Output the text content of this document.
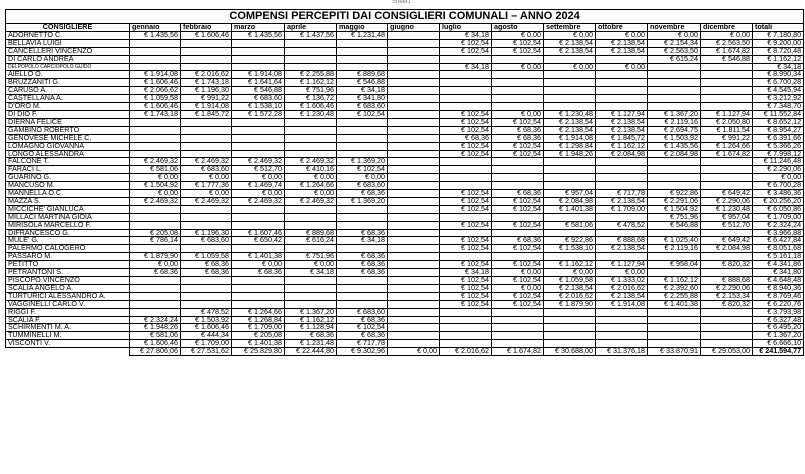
Sheet1
COMPENSI PERCEPITI DAI CONSIGLIERI COMUNALI – ANNO 2024													
CONSIGLIERE	gennaio	febbraio	marzo	aprile	maggio	giugno	luglio	agosto	settembre	ottobre	novembre	dicembre	totali
ADORNETTO C.	€ 1.435,56	€ 1.606,46	€ 1.435,56	€ 1.437,56	€ 1.231,48		€ 34,18	€ 0,00	€ 0,00	€ 0,00	€ 0,00	€ 0,00	€ 7.180,80
BELLAVIA LUIGI							€ 102,54	€ 102,54	€ 2.138,54	€ 2.138,54	€ 2.154,34	€ 2.563,50	€ 9.200,00
CANCELLERI VINCENZO							€ 102,54	€ 102,54	€ 2.138,54	€ 2.138,54	€ 2.563,50	€ 1.674,82	€ 8.720,48
DI CARLO ANDREA											€ 615,24	€ 546,88	€ 1.162,12
DELPOPOLO CARCIOPOLO GUIDO							€ 34,18	€ 0,00	€ 0,00	€ 0,00			€ 34,18
AIELLO O.	€ 1.914,08	€ 2.016,62	€ 1.914,08	€ 2.255,88	€ 889,68								€ 8.990,34
BRUZZANITI G.	€ 1.606,46	€ 1.743,18	€ 1.641,64	€ 1.162,12	€ 546,88								€ 6.700,28
CARUSO A.	€ 2.066,62	€ 1.196,30	€ 546,88	€ 751,96	€ 34,18								€ 4.545,94
CASTELLANA A.	€ 1.059,58	€ 991,22	€ 683,60	€ 136,72	€ 341,80								€ 3.212,92
D'ORO M.	€ 1.606,46	€ 1.914,08	€ 1.538,10	€ 1.606,46	€ 683,60								€ 7.348,70
DI DIO F.	€ 1.743,18	€ 1.845,72	€ 1.572,28	€ 1.230,48	€ 102,54		€ 102,54	€ 0,00	€ 1.230,48	€ 1.127,94	€ 1.367,20	€ 1.127,94	€ 11.552,84
DIERNA FELICE							€ 102,54	€ 102,54	€ 2.138,54	€ 2.138,54	€ 2.119,16	€ 2.050,80	€ 8.652,12
GAMBINO ROBERTO							€ 102,54	€ 68,36	€ 2.138,54	€ 2.138,54	€ 2.694,75	€ 1.811,54	€ 8.954,27
GENOVESE MICHELE C.							€ 68,36	€ 68,36	€ 1.914,08	€ 1.845,72	€ 1.503,92	€ 991,22	€ 6.391,66
LOMAGNO GIOVANNA							€ 102,54	€ 102,54	€ 1.298,84	€ 1.162,12	€ 1.435,56	€ 1.264,66	€ 5.366,26
LONGO ALESSANDRA							€ 102,54	€ 102,54	€ 1.948,26	€ 2.084,98	€ 2.084,98	€ 1.674,82	€ 7.998,12
FALCONE T.	€ 2.469,32	€ 2.469,32	€ 2.469,32	€ 2.469,32	€ 1.369,20								€ 11.246,48
FARACI L.	€ 581,06	€ 683,60	€ 512,70	€ 410,16	€ 102,54								€ 2.290,06
GUARINO G.	€ 0,00	€ 0,00	€ 0,00	€ 0,00	€ 0,00								€ 0,00
MANCUSO M.	€ 1.504,92	€ 1.777,36	€ 1.469,74	€ 1.264,66	€ 683,60								€ 6.700,28
MANNELLA O.C.	€ 0,00	€ 0,00	€ 0,00	€ 0,00	€ 68,36		€ 102,54	€ 68,36	€ 957,04	€ 717,78	€ 922,86	€ 649,42	€ 3.486,36
MAZZA S.	€ 2.469,32	€ 2.469,32	€ 2.469,32	€ 2.469,32	€ 1.369,20		€ 102,54	€ 102,54	€ 2.084,98	€ 2.138,54	€ 2.291,06	€ 2.290,06	€ 20.256,20
MICCICHE' GIANLUCA							€ 102,54	€ 102,54	€ 1.401,38	€ 1.709,00	€ 1.504,92	€ 1.230,48	€ 6.050,86
MILLACI MARTINA GIOIA											€ 751,96	€ 957,04	€ 1.709,00
MIRISOLA MARCELLO F.							€ 102,54	€ 102,54	€ 581,06	€ 478,52	€ 546,88	€ 512,70	€ 2.324,24
DIFRANCESCO G.	€ 205,08	€ 1.196,30	€ 1.607,46	€ 889,68	€ 68,36								€ 3.966,88
MULE' G.	€ 786,14	€ 683,60	€ 650,42	€ 616,24	€ 34,18		€ 102,54	€ 68,36	€ 922,86	€ 888,68	€ 1.025,40	€ 649,42	€ 6.427,84
PALERMO CALOGERO							€ 102,54	€ 102,54	€ 1.538,10	€ 2.138,54	€ 2.119,16	€ 2.084,98	€ 8.051,68
PASSARO M.	€ 1.879,90	€ 1.059,58	€ 1.401,38	€ 751,96	€ 68,36								€ 5.161,18
PETITTO	€ 0,00	€ 68,36	€ 0,00	€ 0,00	€ 68,36		€ 102,54	€ 102,54	€ 1.162,12	€ 1.127,94	€ 958,04	€ 820,32	€ 4.341,86
PETRANTONI S.	€ 68,36	€ 68,36	€ 68,36	€ 34,18	€ 68,36		€ 34,18	€ 0,00	€ 0,00	€ 0,00			€ 341,80
PISCOPO VINCENZO							€ 102,54	€ 102,54	€ 1.059,58	€ 1.333,02	€ 1.162,12	€ 888,68	€ 4.648,48
SCALIA ANGELO A.							€ 102,54	€ 0,00	€ 2.138,54	€ 2.016,62	€ 2.392,60	€ 2.290,06	€ 8.940,36
TURTURICI ALESSANDRO A.							€ 102,54	€ 102,54	€ 2.016,62	€ 2.138,54	€ 2.255,88	€ 2.153,34	€ 8.769,46
VAGGINELLI CARLO V.							€ 102,54	€ 102,54	€ 1.879,90	€ 1.914,08	€ 1.401,38	€ 820,32	€ 6.220,76
RIGGI F.		€ 478,52	€ 1.264,66	€ 1.367,20	€ 683,60								€ 3.793,98
SCALIA F.	€ 2.324,24	€ 1.503,92	€ 1.268,84	€ 1.162,12	€ 68,36								€ 6.327,48
SCHIRMENTI M. A.	€ 1.948,26	€ 1.606,46	€ 1.709,00	€ 1.128,94	€ 102,54								€ 6.495,20
TUMMINELLI M.	€ 581,06	€ 444,34	€ 205,08	€ 68,36	€ 68,36								€ 1.367,20
VISCONTI V.	€ 1.606,46	€ 1.709,00	€ 1.401,38	€ 1.231,48	€ 717,78								€ 6.666,10
	€ 27.806,06	€ 27.531,62	€ 25.829,80	€ 22.444,80	€ 9.302,96	€ 0,00	€ 2.016,62	€ 1.674,82	€ 30.688,00	€ 31.376,18	€ 33.870,91	€ 29.053,00	€ 241.594,77
